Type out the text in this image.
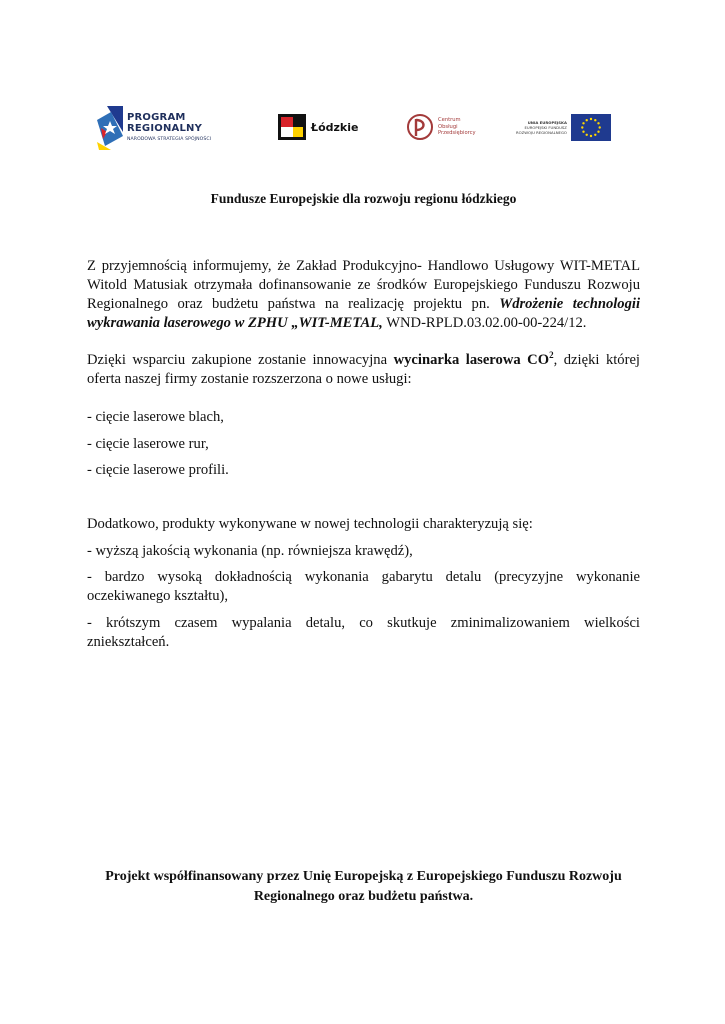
PROGRAM
REGIONALNY
NARODOWA STRATEGIA SPÓJNOŚCI
Łódzkie
Centrum
Obsługi
Przedsiębiorcy
UNIA EUROPEJSKA
EUROPEJSKI FUNDUSZ
ROZWOJU REGIONALNEGO
Fundusze Europejskie dla rozwoju regionu łódzkiego
Z przyjemnością informujemy, że Zakład Produkcyjno- Handlowo Usługowy WIT-METAL Witold Matusiak otrzymała dofinansowanie ze środków Europejskiego Funduszu Rozwoju Regionalnego oraz budżetu państwa na realizację projektu pn. Wdrożenie technologii wykrawania laserowego w ZPHU „WIT-METAL, WND-RPLD.03.02.00-00-224/12.
Dzięki wsparciu zakupione zostanie innowacyjna wycinarka laserowa $CO^2$, dzięki której oferta naszej firmy zostanie rozszerzona o nowe usługi:
- cięcie laserowe blach,
- cięcie laserowe rur,
- cięcie laserowe profili.
Dodatkowo, produkty wykonywane w nowej technologii charakteryzują się:
- wyższą jakością wykonania (np. równiejsza krawędź),
- bardzo wysoką dokładnością wykonania gabarytu detalu (precyzyjne wykonanie oczekiwanego kształtu),
- krótszym czasem wypalania detalu, co skutkuje zminimalizowaniem wielkości zniekształceń.
Projekt współfinansowany przez Unię Europejską z Europejskiego Funduszu Rozwoju Regionalnego oraz budżetu państwa.
